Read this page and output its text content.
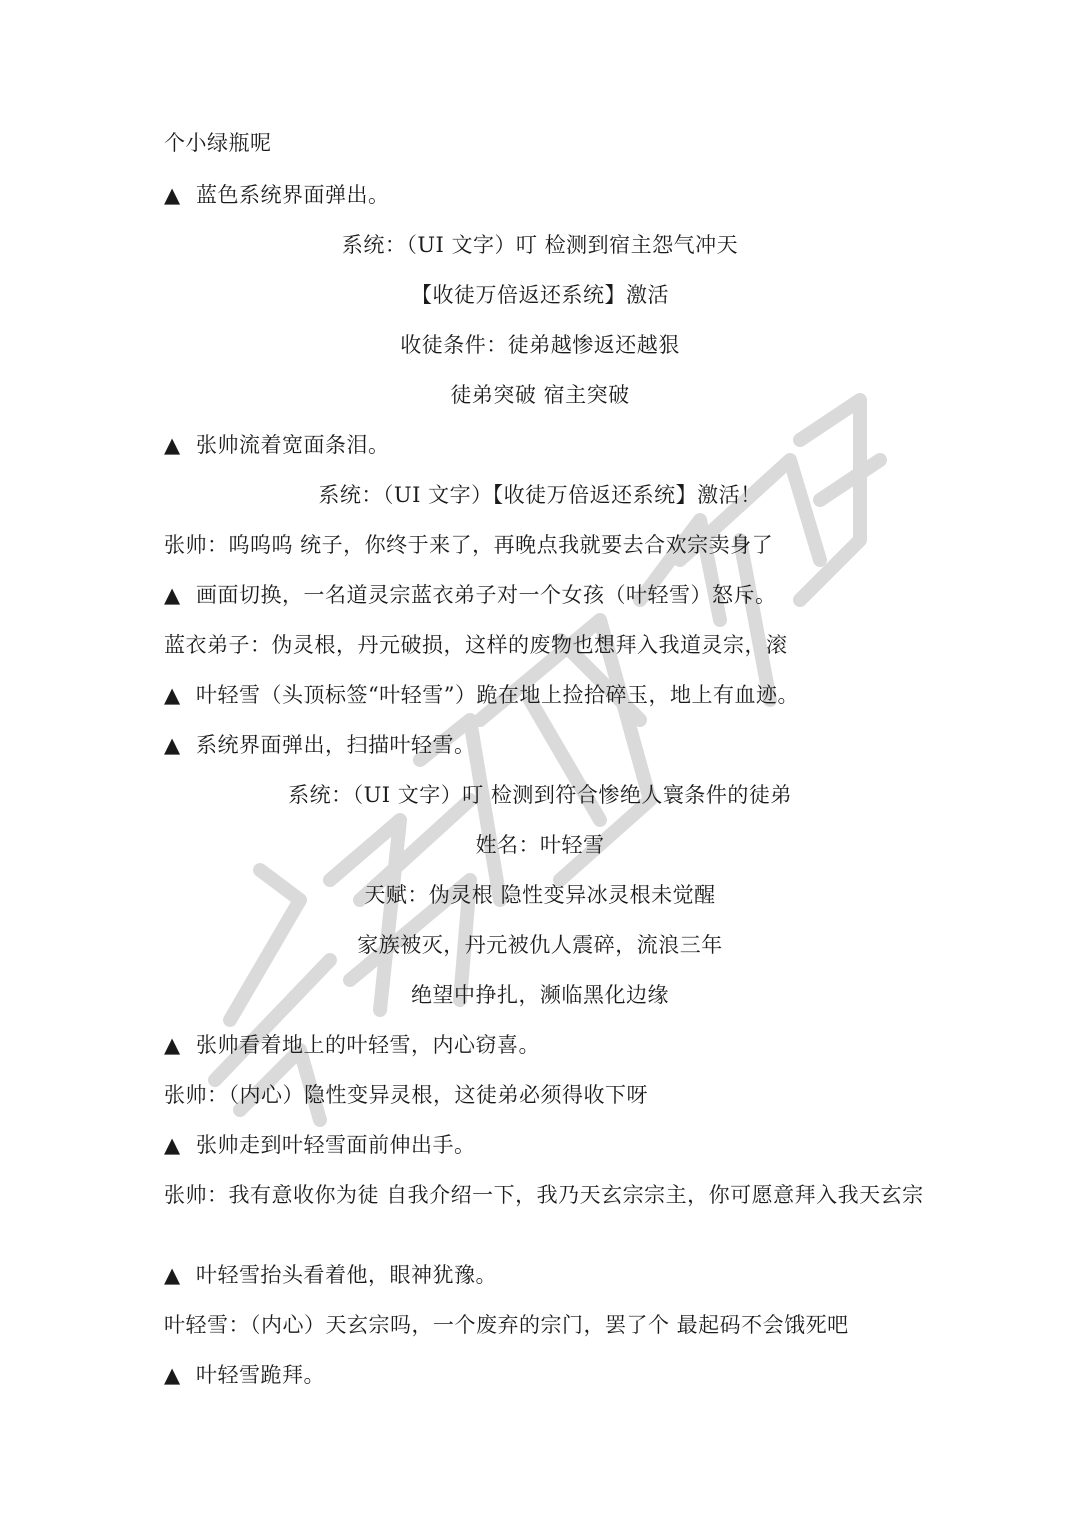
个小绿瓶呢
▲ 蓝色系统界面弹出。
系统：（UI 文字）叮 检测到宿主怨气冲天
【收徒万倍返还系统】激活
收徒条件：徒弟越惨返还越狠
徒弟突破 宿主突破
▲ 张帅流着宽面条泪。
系统：（UI 文字）【收徒万倍返还系统】激活！
张帅：呜呜呜 统子，你终于来了，再晚点我就要去合欢宗卖身了
▲ 画面切换，一名道灵宗蓝衣弟子对一个女孩（叶轻雪）怒斥。
蓝衣弟子：伪灵根，丹元破损，这样的废物也想拜入我道灵宗，滚
▲ 叶轻雪（头顶标签“叶轻雪”）跪在地上捡拾碎玉，地上有血迹。
▲ 系统界面弹出，扫描叶轻雪。
系统：（UI 文字）叮 检测到符合惨绝人寰条件的徒弟
姓名：叶轻雪
天赋：伪灵根 隐性变异冰灵根未觉醒
家族被灭，丹元被仇人震碎，流浪三年
绝望中挣扎，濒临黑化边缘
▲ 张帅看着地上的叶轻雪，内心窃喜。
张帅：（内心）隐性变异灵根，这徒弟必须得收下呀
▲ 张帅走到叶轻雪面前伸出手。
张帅：我有意收你为徒 自我介绍一下，我乃天玄宗宗主，你可愿意拜入我天玄宗
▲ 叶轻雪抬头看着他，眼神犹豫。
叶轻雪：（内心）天玄宗吗，一个废弃的宗门，罢了个 最起码不会饿死吧
▲ 叶轻雪跪拜。
